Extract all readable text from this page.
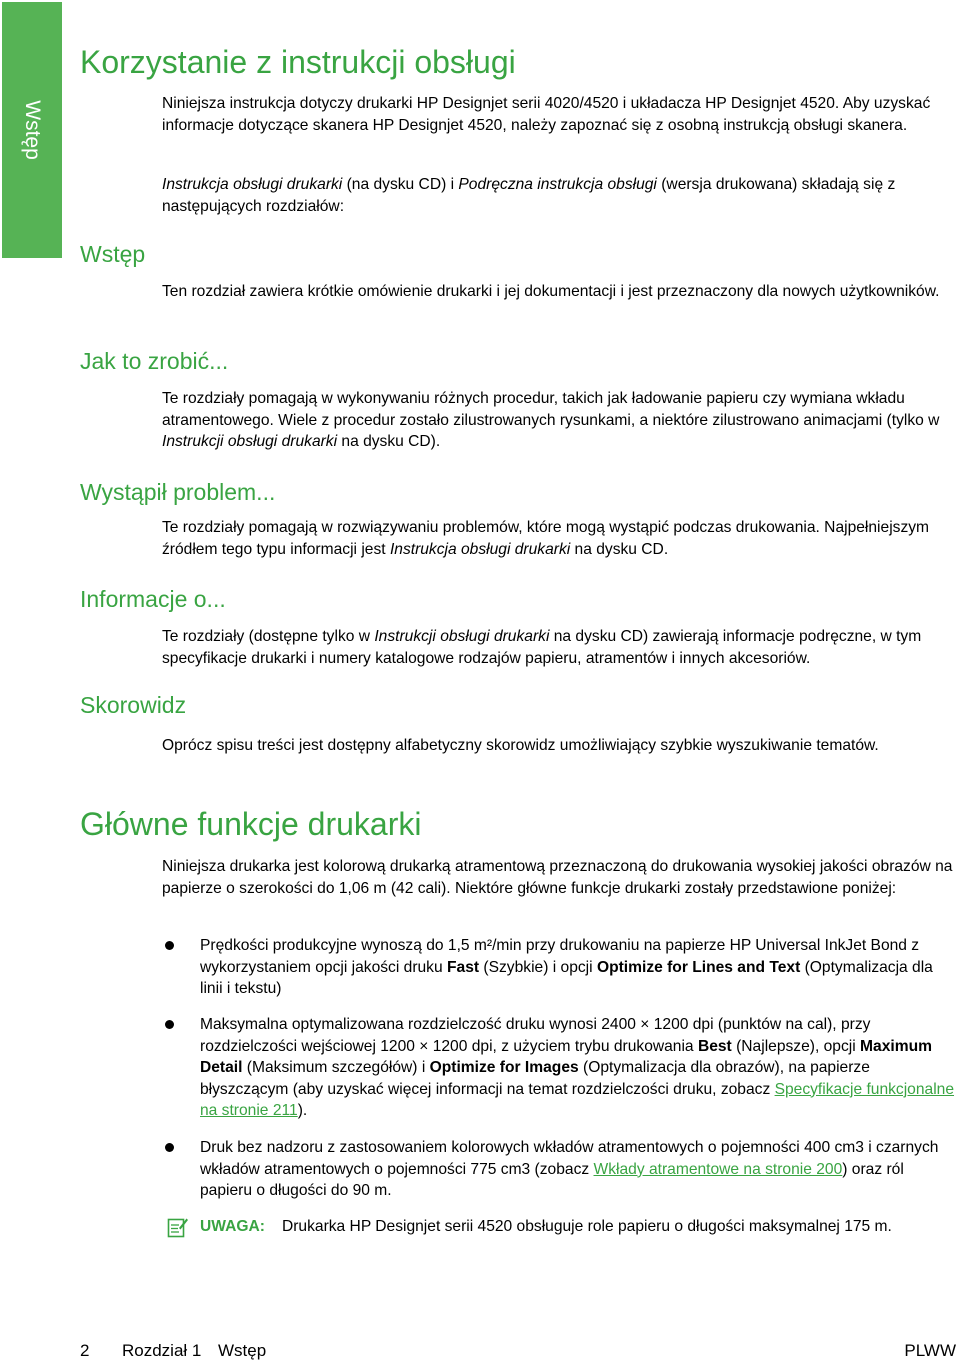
Wstęp
Korzystanie z instrukcji obsługi
Niniejsza instrukcja dotyczy drukarki HP Designjet serii 4020/4520 i układacza HP Designjet 4520. Aby uzyskać informacje dotyczące skanera HP Designjet 4520, należy zapoznać się z osobną instrukcją obsługi skanera.
Instrukcja obsługi drukarki (na dysku CD) i Podręczna instrukcja obsługi (wersja drukowana) składają się z następujących rozdziałów:
Wstęp
Ten rozdział zawiera krótkie omówienie drukarki i jej dokumentacji i jest przeznaczony dla nowych użytkowników.
Jak to zrobić...
Te rozdziały pomagają w wykonywaniu różnych procedur, takich jak ładowanie papieru czy wymiana wkładu atramentowego. Wiele z procedur zostało zilustrowanych rysunkami, a niektóre zilustrowano animacjami (tylko w Instrukcji obsługi drukarki na dysku CD).
Wystąpił problem...
Te rozdziały pomagają w rozwiązywaniu problemów, które mogą wystąpić podczas drukowania. Najpełniejszym źródłem tego typu informacji jest Instrukcja obsługi drukarki na dysku CD.
Informacje o...
Te rozdziały (dostępne tylko w Instrukcji obsługi drukarki na dysku CD) zawierają informacje podręczne, w tym specyfikacje drukarki i numery katalogowe rodzajów papieru, atramentów i innych akcesoriów.
Skorowidz
Oprócz spisu treści jest dostępny alfabetyczny skorowidz umożliwiający szybkie wyszukiwanie tematów.
Główne funkcje drukarki
Niniejsza drukarka jest kolorową drukarką atramentową przeznaczoną do drukowania wysokiej jakości obrazów na papierze o szerokości do 1,06 m (42 cali). Niektóre główne funkcje drukarki zostały przedstawione poniżej:
Prędkości produkcyjne wynoszą do 1,5 m²/min przy drukowaniu na papierze HP Universal InkJet Bond z wykorzystaniem opcji jakości druku Fast (Szybkie) i opcji Optimize for Lines and Text (Optymalizacja dla linii i tekstu)
Maksymalna optymalizowana rozdzielczość druku wynosi 2400 × 1200 dpi (punktów na cal), przy rozdzielczości wejściowej 1200 × 1200 dpi, z użyciem trybu drukowania Best (Najlepsze), opcji Maximum Detail (Maksimum szczegółów) i Optimize for Images (Optymalizacja dla obrazów), na papierze błyszczącym (aby uzyskać więcej informacji na temat rozdzielczości druku, zobacz Specyfikacje funkcjonalne na stronie 211).
Druk bez nadzoru z zastosowaniem kolorowych wkładów atramentowych o pojemności 400 cm3 i czarnych wkładów atramentowych o pojemności 775 cm3 (zobacz Wkłady atramentowe na stronie 200) oraz ról papieru o długości do 90 m.
UWAGA: Drukarka HP Designjet serii 4520 obsługuje role papieru o długości maksymalnej 175 m.
2 Rozdział 1 Wstęp	PLWW
